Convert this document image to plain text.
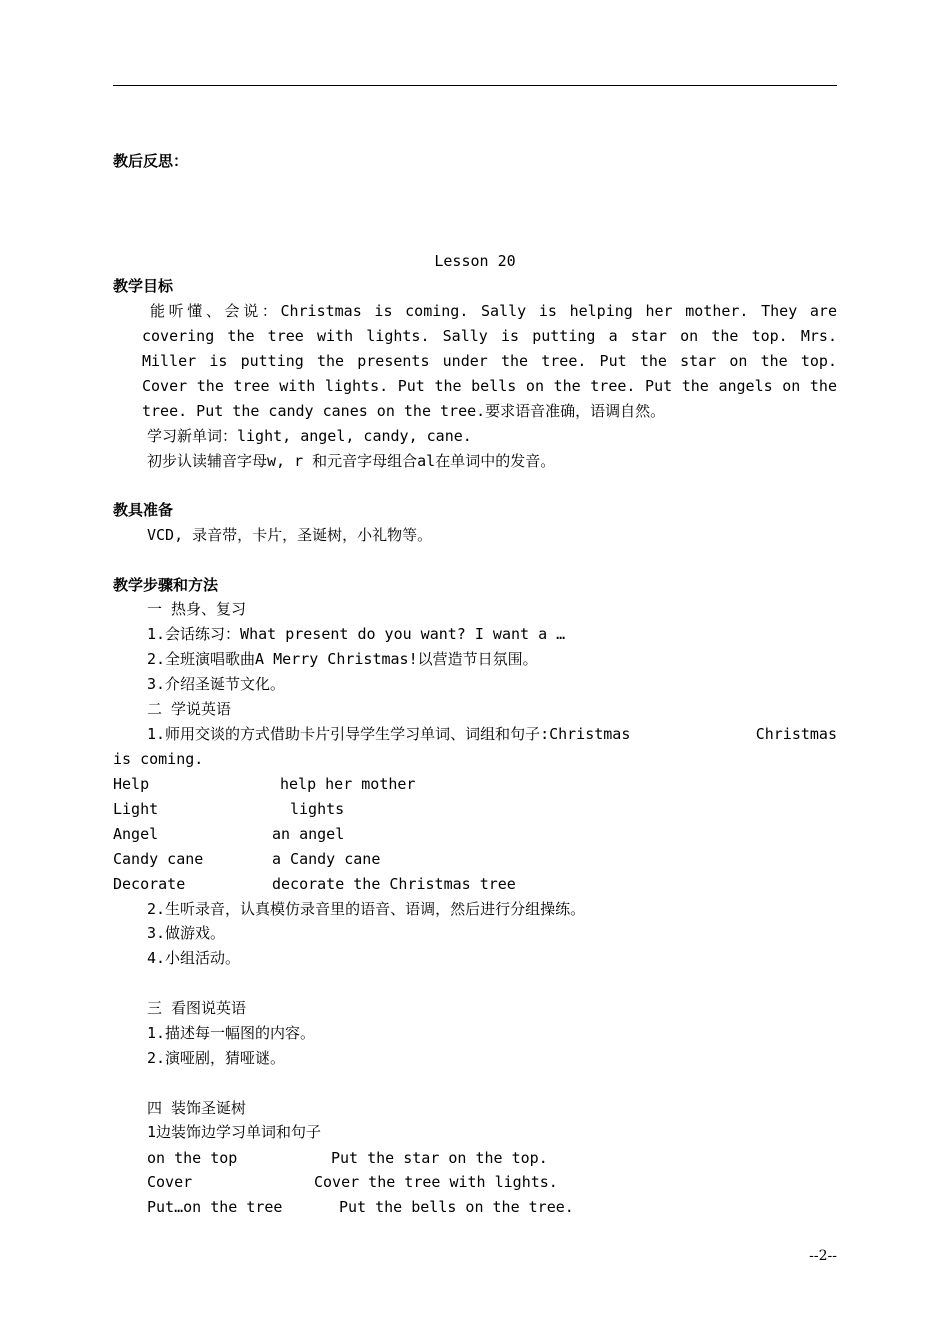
教后反思：
Lesson 20
教学目标
能听懂、会说：Christmas is coming. Sally is helping her mother. They are covering the tree with lights. Sally is putting a star on the top. Mrs. Miller is putting the presents under the tree. Put the star on the top. Cover the tree with lights. Put the bells on the tree. Put the angels on the tree. Put the candy canes on the tree.要求语音准确，语调自然。
学习新单词：light, angel, candy, cane.
初步认读辅音字母w, r 和元音字母组合al在单词中的发音。
教具准备
VCD, 录音带，卡片，圣诞树，小礼物等。
教学步骤和方法
一 热身、复习
1.会话练习：What present do you want? I want a …
2.全班演唱歌曲A Merry Christmas!以营造节日氛围。
3.介绍圣诞节文化。
二 学说英语
1.师用交谈的方式借助卡片引导学生学习单词、词组和句子:Christmas	Christmas
is coming.
Help	help her mother
Light	lights
Angel	an angel
Candy cane	a Candy cane
Decorate	decorate the Christmas tree
2.生听录音，认真模仿录音里的语音、语调，然后进行分组操练。
3.做游戏。
4.小组活动。
三 看图说英语
1.描述每一幅图的内容。
2.演哑剧，猜哑谜。
四 装饰圣诞树
1边装饰边学习单词和句子
on the top	Put the star on the top.
Cover	Cover the tree with lights.
Put…on the tree	Put the bells on the tree.
--2--
